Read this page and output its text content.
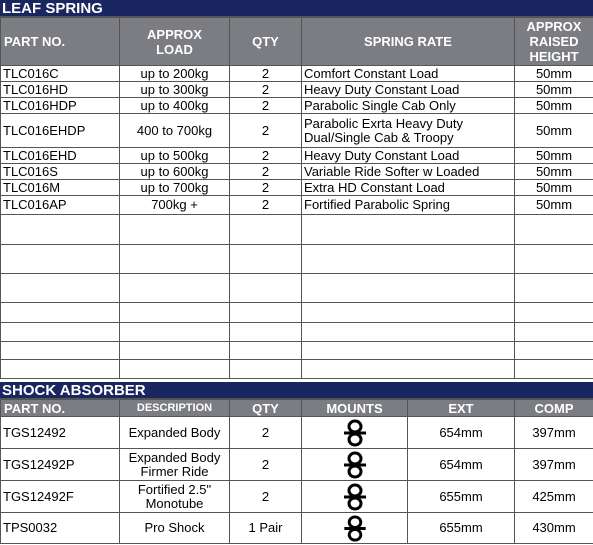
LEAF SPRING
PART NO.	APPROX LOAD	QTY	SPRING RATE	APPROX RAISED HEIGHT
TLC016C	up to 200kg	2	Comfort Constant Load	50mm
TLC016HD	up to 300kg	2	Heavy Duty Constant Load	50mm
TLC016HDP	up to 400kg	2	Parabolic Single Cab Only	50mm
TLC016EHDP	400 to 700kg	2	Parabolic Exrta Heavy Duty Dual/Single Cab & Troopy	50mm
TLC016EHD	up to 500kg	2	Heavy Duty Constant Load	50mm
TLC016S	up to 600kg	2	Variable Ride Softer w Loaded	50mm
TLC016M	up to 700kg	2	Extra HD Constant Load	50mm
TLC016AP	700kg +	2	Fortified Parabolic Spring	50mm

SHOCK ABSORBER
PART NO.	DESCRIPTION	QTY	MOUNTS	EXT	COMP
TGS12492	Expanded Body	2		654mm	397mm
TGS12492P	Expanded Body Firmer Ride	2		654mm	397mm
TGS12492F	Fortified 2.5" Monotube	2		655mm	425mm
TPS0032	Pro Shock	1 Pair		655mm	430mm
